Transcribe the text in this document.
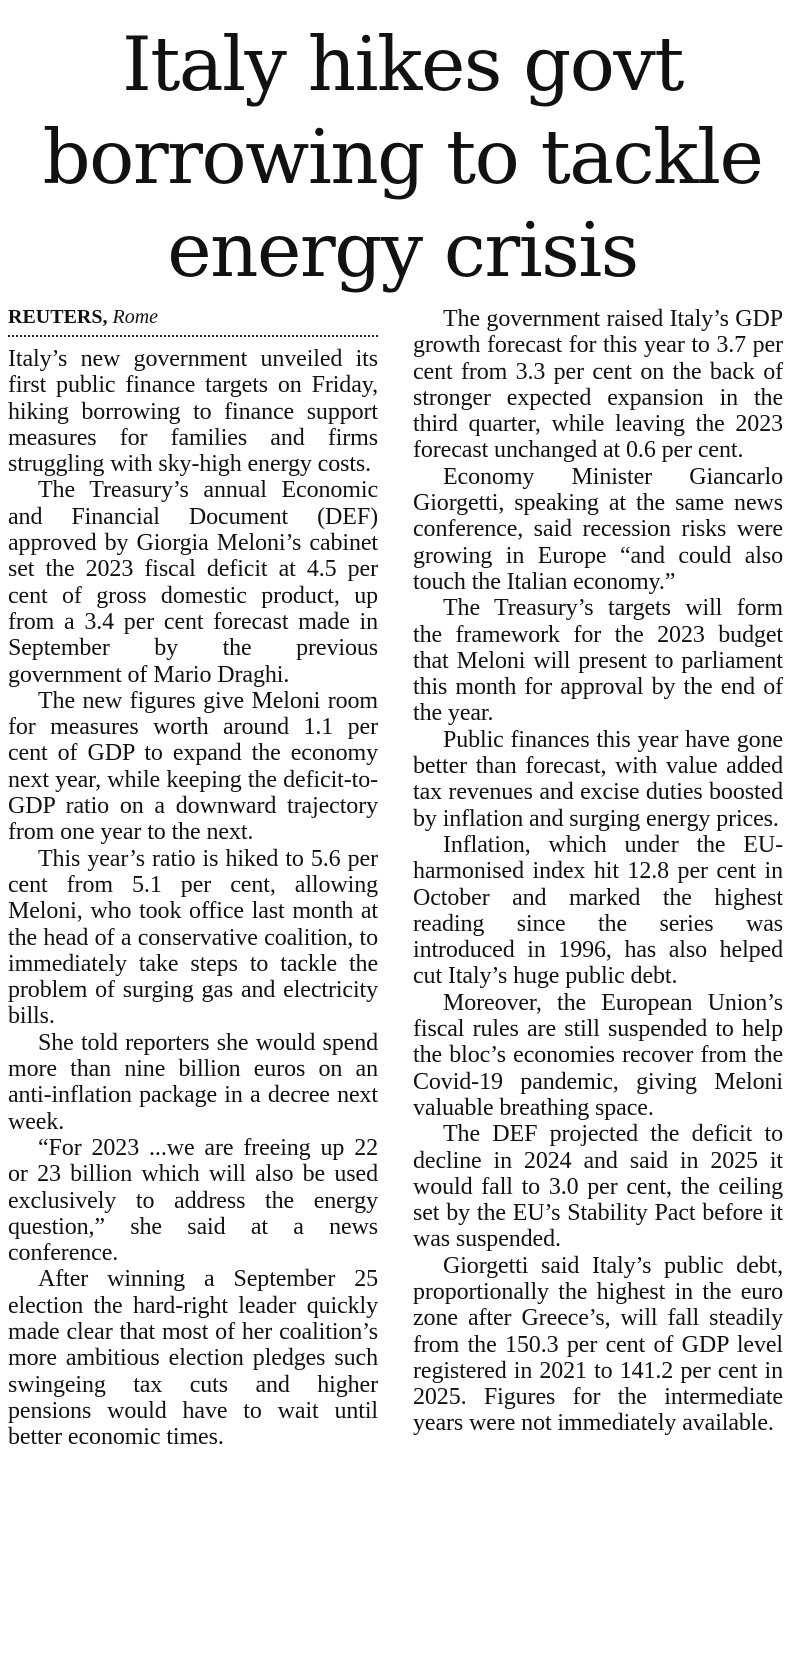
Italy hikes govt borrowing to tackle energy crisis
REUTERS, Rome

Italy’s new government unveiled its first public finance targets on Friday, hiking borrowing to finance support measures for families and firms struggling with sky-high energy costs.

The Treasury’s annual Economic and Financial Document (DEF) approved by Giorgia Meloni’s cabinet set the 2023 fiscal deficit at 4.5 per cent of gross domestic product, up from a 3.4 per cent forecast made in September by the previous government of Mario Draghi.

The new figures give Meloni room for measures worth around 1.1 per cent of GDP to expand the economy next year, while keeping the deficit-to-GDP ratio on a downward trajectory from one year to the next.

This year’s ratio is hiked to 5.6 per cent from 5.1 per cent, allowing Meloni, who took office last month at the head of a conservative coalition, to immediately take steps to tackle the problem of surging gas and electricity bills.

She told reporters she would spend more than nine billion euros on an anti-inflation package in a decree next week.

“For 2023 ...we are freeing up 22 or 23 billion which will also be used exclusively to address the energy question,” she said at a news conference.

After winning a September 25 election the hard-right leader quickly made clear that most of her coalition’s more ambitious election pledges such swingeing tax cuts and higher pensions would have to wait until better economic times.

The government raised Italy’s GDP growth forecast for this year to 3.7 per cent from 3.3 per cent on the back of stronger expected expansion in the third quarter, while leaving the 2023 forecast unchanged at 0.6 per cent.

Economy Minister Giancarlo Giorgetti, speaking at the same news conference, said recession risks were growing in Europe “and could also touch the Italian economy.”

The Treasury’s targets will form the framework for the 2023 budget that Meloni will present to parliament this month for approval by the end of the year.

Public finances this year have gone better than forecast, with value added tax revenues and excise duties boosted by inflation and surging energy prices.

Inflation, which under the EU-harmonised index hit 12.8 per cent in October and marked the highest reading since the series was introduced in 1996, has also helped cut Italy’s huge public debt.

Moreover, the European Union’s fiscal rules are still suspended to help the bloc’s economies recover from the Covid-19 pandemic, giving Meloni valuable breathing space.

The DEF projected the deficit to decline in 2024 and said in 2025 it would fall to 3.0 per cent, the ceiling set by the EU’s Stability Pact before it was suspended.

Giorgetti said Italy’s public debt, proportionally the highest in the euro zone after Greece’s, will fall steadily from the 150.3 per cent of GDP level registered in 2021 to 141.2 per cent in 2025. Figures for the intermediate years were not immediately available.
